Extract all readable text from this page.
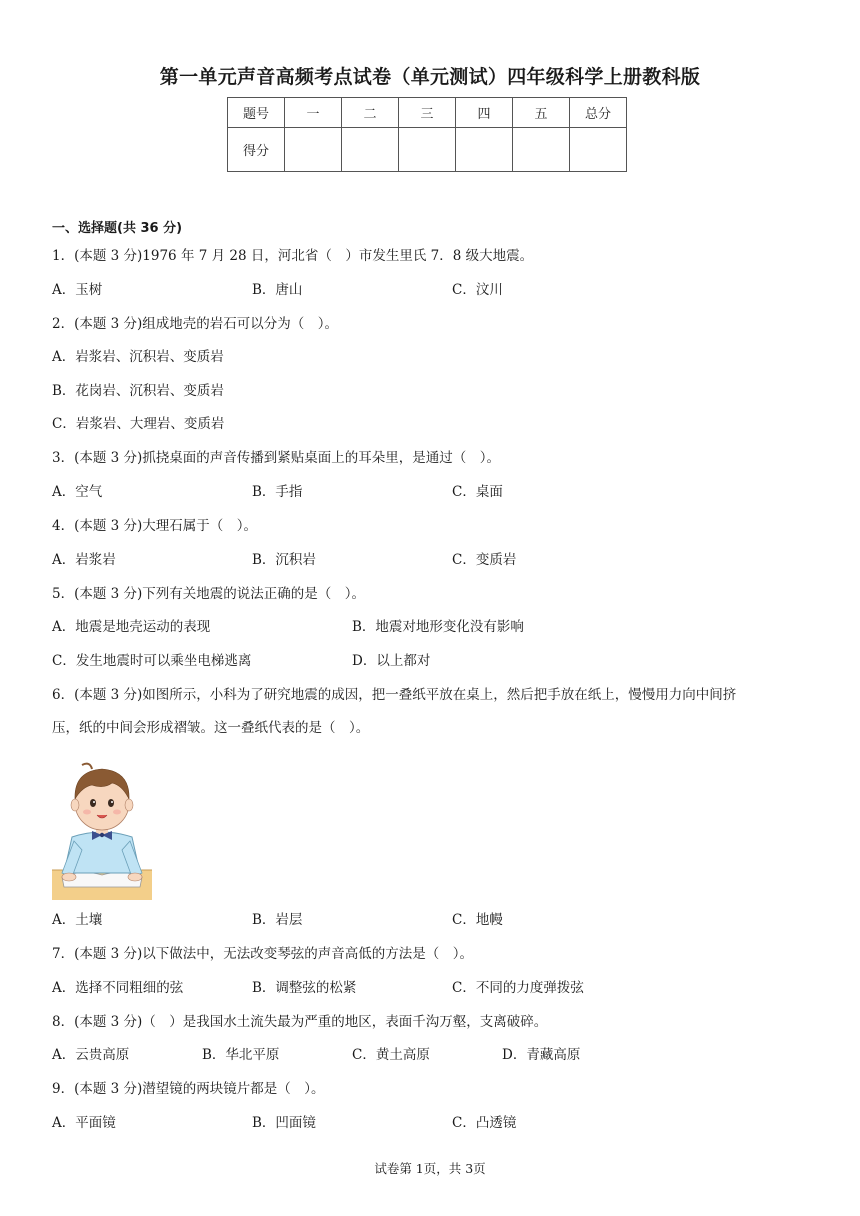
第一单元声音高频考点试卷（单元测试）四年级科学上册教科版
题号	一	二	三	四	五	总分
得分						
一、选择题(共 36 分)
1．(本题 3 分)1976 年 7 月 28 日，河北省（　）市发生里氏 7．8 级大地震。
A．玉树	B．唐山	C．汶川
2．(本题 3 分)组成地壳的岩石可以分为（　）。
A．岩浆岩、沉积岩、变质岩
B．花岗岩、沉积岩、变质岩
C．岩浆岩、大理岩、变质岩
3．(本题 3 分)抓挠桌面的声音传播到紧贴桌面上的耳朵里，是通过（　）。
A．空气	B．手指	C．桌面
4．(本题 3 分)大理石属于（　）。
A．岩浆岩	B．沉积岩	C．变质岩
5．(本题 3 分)下列有关地震的说法正确的是（　）。
A．地震是地壳运动的表现	B．地震对地形变化没有影响
C．发生地震时可以乘坐电梯逃离	D．以上都对
6．(本题 3 分)如图所示，小科为了研究地震的成因，把一叠纸平放在桌上，然后把手放在纸上，慢慢用力向中间挤
压，纸的中间会形成褶皱。这一叠纸代表的是（　）。
A．土壤	B．岩层	C．地幔
7．(本题 3 分)以下做法中，无法改变琴弦的声音高低的方法是（　）。
A．选择不同粗细的弦	B．调整弦的松紧	C．不同的力度弹拨弦
8．(本题 3 分)（　）是我国水土流失最为严重的地区，表面千沟万壑，支离破碎。
A．云贵高原	B．华北平原	C．黄土高原	D．青藏高原
9．(本题 3 分)潜望镜的两块镜片都是（　）。
A．平面镜	B．凹面镜	C．凸透镜
试卷第 1页，共 3页
